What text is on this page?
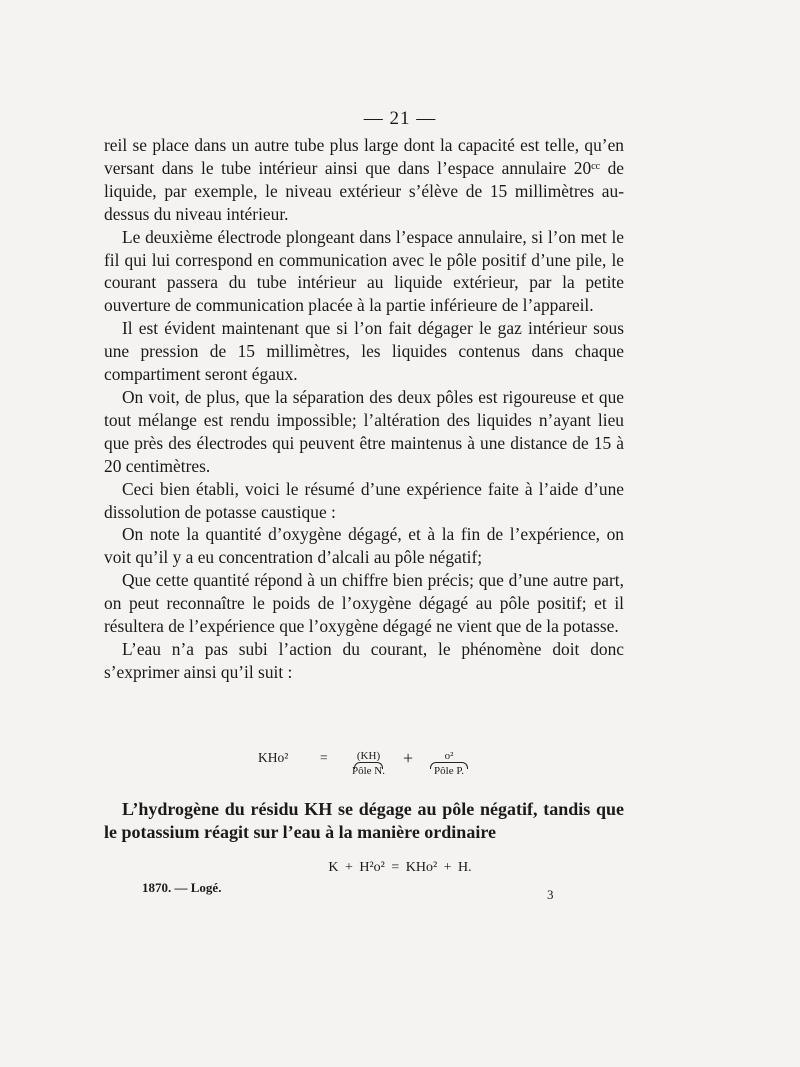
— 21 —

reil se place dans un autre tube plus large dont la capacité est telle, qu’en versant dans le tube intérieur ainsi que dans l’espace annulaire 20ᶜᶜ de liquide, par exemple, le niveau extérieur s’élève de 15 millimètres au-dessus du niveau intérieur.

Le deuxième électrode plongeant dans l’espace annulaire, si l’on met le fil qui lui correspond en communication avec le pôle positif d’une pile, le courant passera du tube intérieur au liquide extérieur, par la petite ouverture de communication placée à la partie inférieure de l’appareil.

Il est évident maintenant que si l’on fait dégager le gaz intérieur sous une pression de 15 millimètres, les liquides contenus dans chaque compartiment seront égaux.

On voit, de plus, que la séparation des deux pôles est rigoureuse et que tout mélange est rendu impossible; l’altération des liquides n’ayant lieu que près des électrodes qui peuvent être maintenus à une distance de 15 à 20 centimètres.

Ceci bien établi, voici le résumé d’une expérience faite à l’aide d’une dissolution de potasse caustique :

On note la quantité d’oxygène dégagé, et à la fin de l’expérience, on voit qu’il y a eu concentration d’alcali au pôle négatif;

Que cette quantité répond à un chiffre bien précis; que d’une autre part, on peut reconnaître le poids de l’oxygène dégagé au pôle positif; et il résultera de l’expérience que l’oxygène dégagé ne vient que de la potasse.

L’eau n’a pas subi l’action du courant, le phénomène doit donc s’exprimer ainsi qu’il suit :

KHo² =	(KH)
Pôle N.
+	o²
Pôle P.

L’hydrogène du résidu KH se dégage au pôle négatif, tandis que le potassium réagit sur l’eau à la manière ordinaire

K + H²o² = KHo² + H.
1870. — Logé.	3
